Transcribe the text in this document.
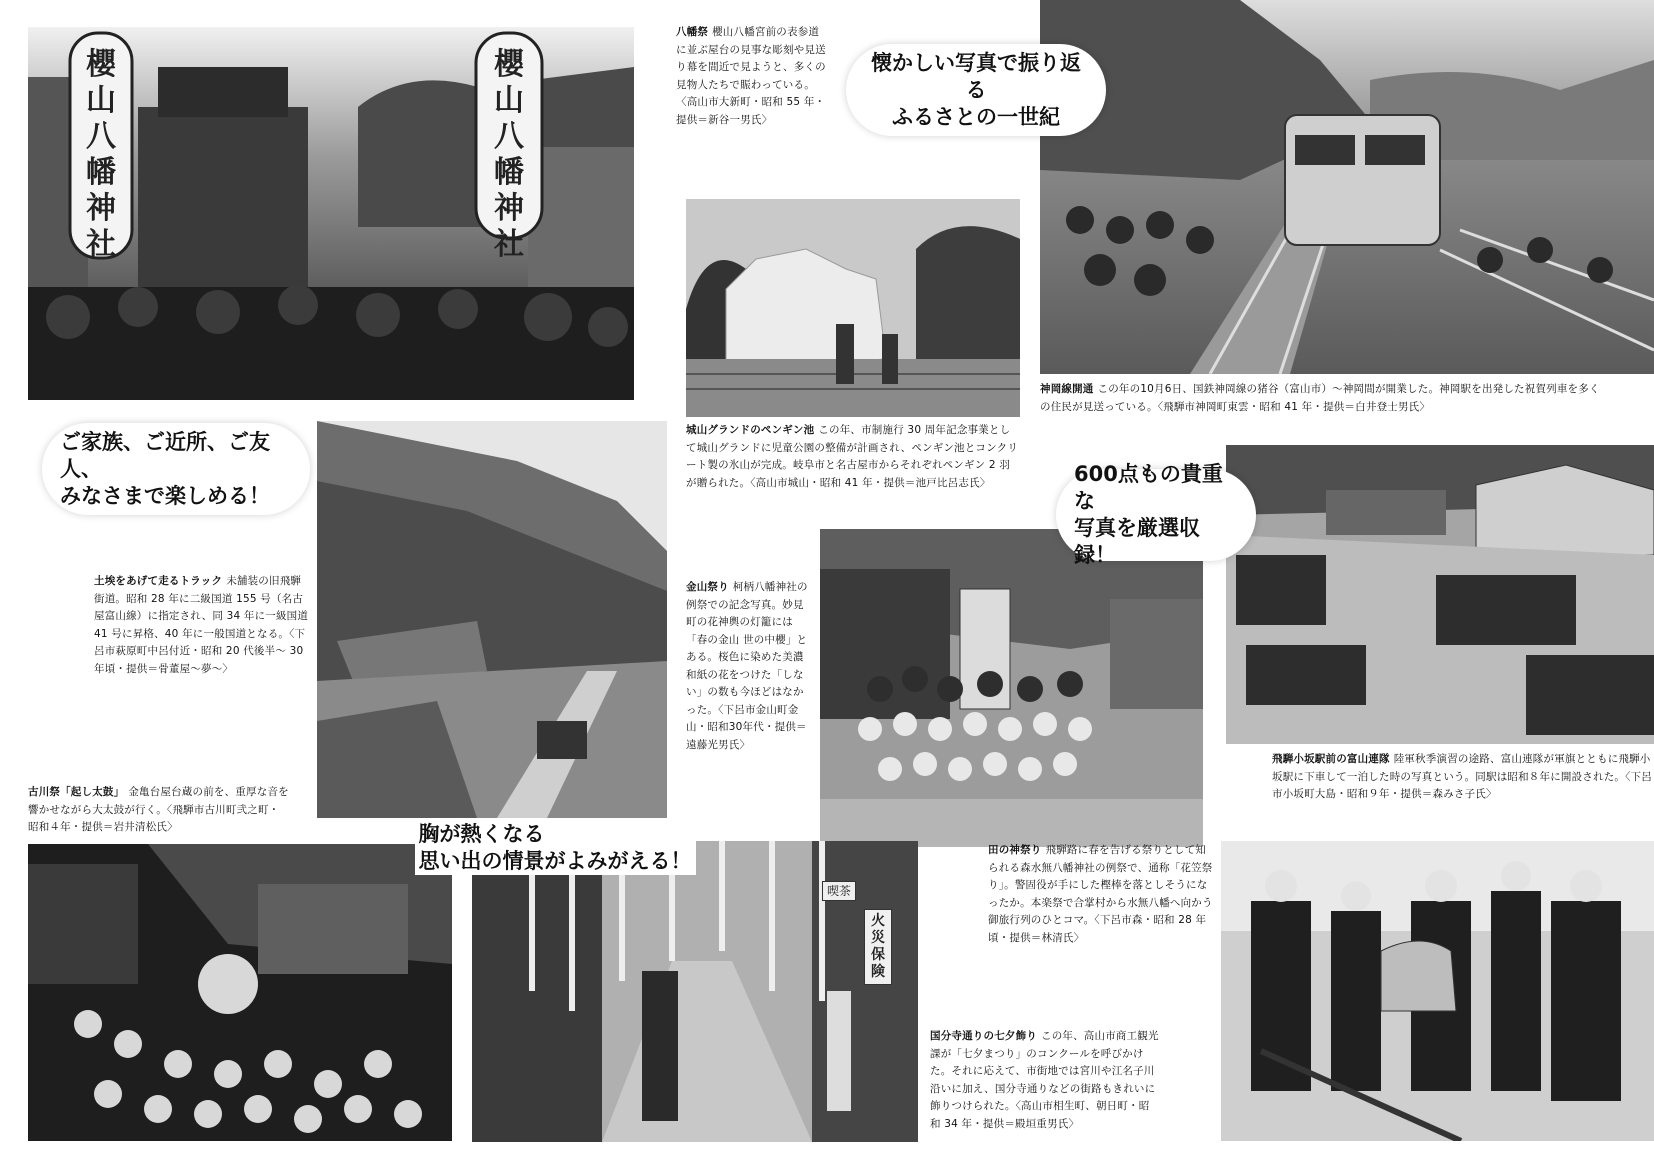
櫻山八幡神社
櫻山八幡神社
火災保険
喫茶
懐かしい写真で振り返る
ふるさとの一世紀
ご家族、ご近所、ご友人、
みなさまで楽しめる！
600点もの貴重な
写真を厳選収録！
胸が熱くなる
思い出の情景がよみがえる！
八幡祭 櫻山八幡宮前の表参道に並ぶ屋台の見事な彫刻や見送り幕を間近で見ようと、多くの見物人たちで賑わっている。〈高山市大新町・昭和 55 年・提供＝新谷一男氏〉
神岡線開通 この年の10月6日、国鉄神岡線の猪谷（富山市）〜神岡間が開業した。神岡駅を出発した祝賀列車を多くの住民が見送っている。〈飛騨市神岡町東雲・昭和 41 年・提供＝白井登士男氏〉
城山グランドのペンギン池 この年、市制施行 30 周年記念事業として城山グランドに児童公園の整備が計画され、ペンギン池とコンクリート製の氷山が完成。岐阜市と名古屋市からそれぞれペンギン 2 羽が贈られた。〈高山市城山・昭和 41 年・提供＝池戸比呂志氏〉
土埃をあげて走るトラック 未舗装の旧飛騨街道。昭和 28 年に二級国道 155 号（名古屋富山線）に指定され、同 34 年に一級国道 41 号に昇格、40 年に一般国道となる。〈下呂市萩原町中呂付近・昭和 20 代後半〜 30 年頃・提供＝骨董屋〜夢〜〉
金山祭り 柯柄八幡神社の例祭での記念写真。妙見町の花神輿の灯籠には「春の金山 世の中櫻」とある。桜色に染めた美濃和紙の花をつけた「しない」の数も今ほどはなかった。〈下呂市金山町金山・昭和30年代・提供＝遠藤光男氏〉
飛騨小坂駅前の富山連隊 陸軍秋季演習の途路、富山連隊が軍旗とともに飛騨小坂駅に下車して一泊した時の写真という。同駅は昭和８年に開設された。〈下呂市小坂町大島・昭和９年・提供＝森みさ子氏〉
古川祭「起し太鼓」 金亀台屋台蔵の前を、重厚な音を響かせながら大太鼓が行く。〈飛騨市古川町弐之町・昭和４年・提供＝岩井清松氏〉
田の神祭り 飛騨路に春を告げる祭りとして知られる森水無八幡神社の例祭で、通称「花笠祭り」。警固役が手にした樫棒を落としそうになったか。本楽祭で合掌村から水無八幡へ向かう御旅行列のひとコマ。〈下呂市森・昭和 28 年頃・提供＝林清氏〉
国分寺通りの七夕飾り この年、高山市商工観光課が「七夕まつり」のコンクールを呼びかけた。それに応えて、市街地では宮川や江名子川沿いに加え、国分寺通りなどの街路もきれいに飾りつけられた。〈高山市相生町、朝日町・昭和 34 年・提供＝殿垣重男氏〉
